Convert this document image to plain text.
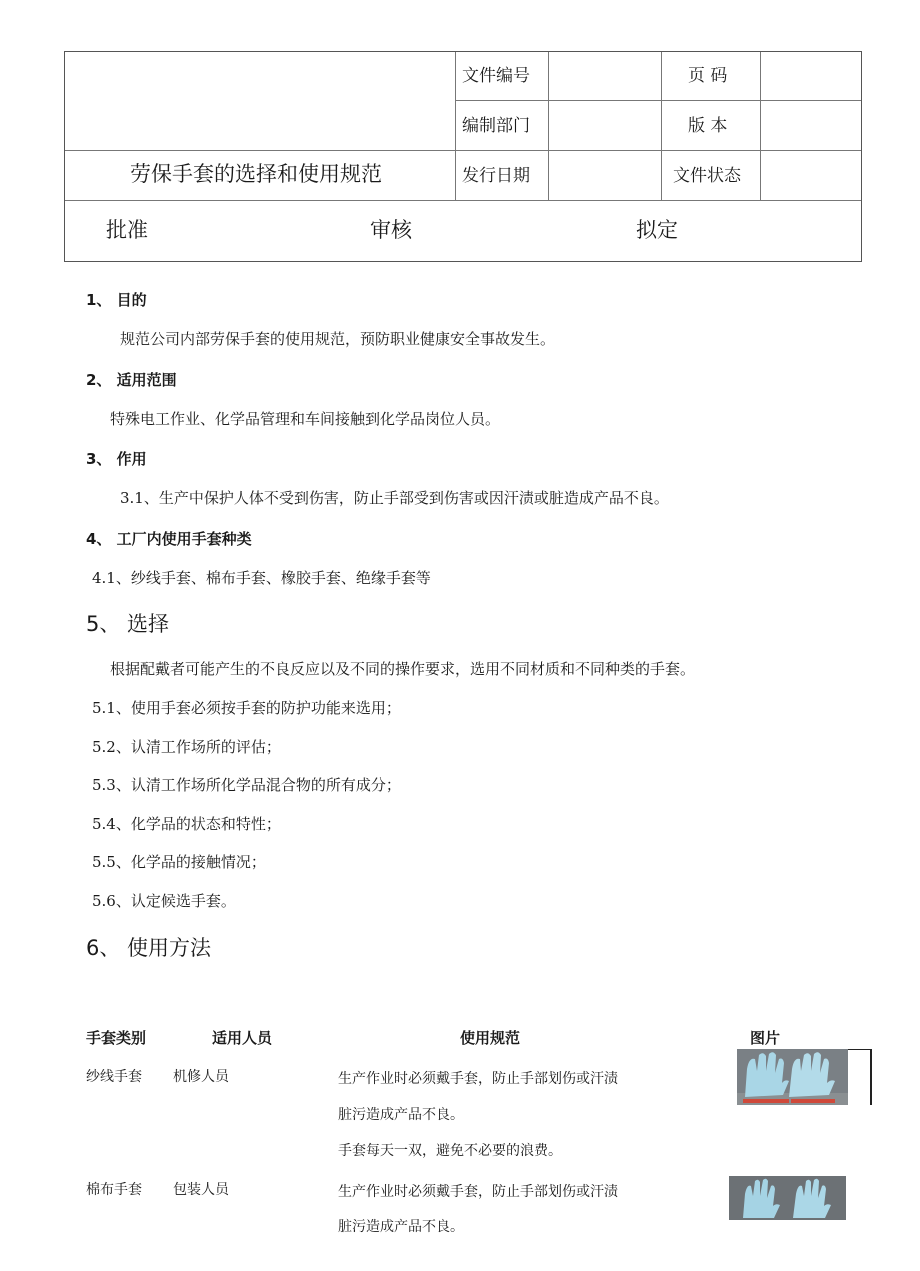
文件编号	页 码
编制部门	版 本
发行日期	文件状态
劳保手套的选择和使用规范
批准	审核	拟定
1、 目的
规范公司内部劳保手套的使用规范，预防职业健康安全事故发生。
2、 适用范围
特殊电工作业、化学品管理和车间接触到化学品岗位人员。
3、 作用
3.1、生产中保护人体不受到伤害，防止手部受到伤害或因汗渍或脏造成产品不良。
4、 工厂内使用手套种类
4.1、纱线手套、棉布手套、橡胶手套、绝缘手套等
5、 选择
根据配戴者可能产生的不良反应以及不同的操作要求，选用不同材质和不同种类的手套。
5.1、使用手套必须按手套的防护功能来选用；
5.2、认清工作场所的评估；
5.3、认清工作场所化学品混合物的所有成分；
5.4、化学品的状态和特性；
5.5、化学品的接触情况；
5.6、认定候选手套。
6、 使用方法
手套类别	适用人员	使用规范	图片
纱线手套 机修人员	生产作业时必须戴手套，防止手部划伤或汗渍
脏污造成产品不良。
手套每天一双，避免不必要的浪费。
棉布手套 包装人员	生产作业时必须戴手套，防止手部划伤或汗渍
脏污造成产品不良。
